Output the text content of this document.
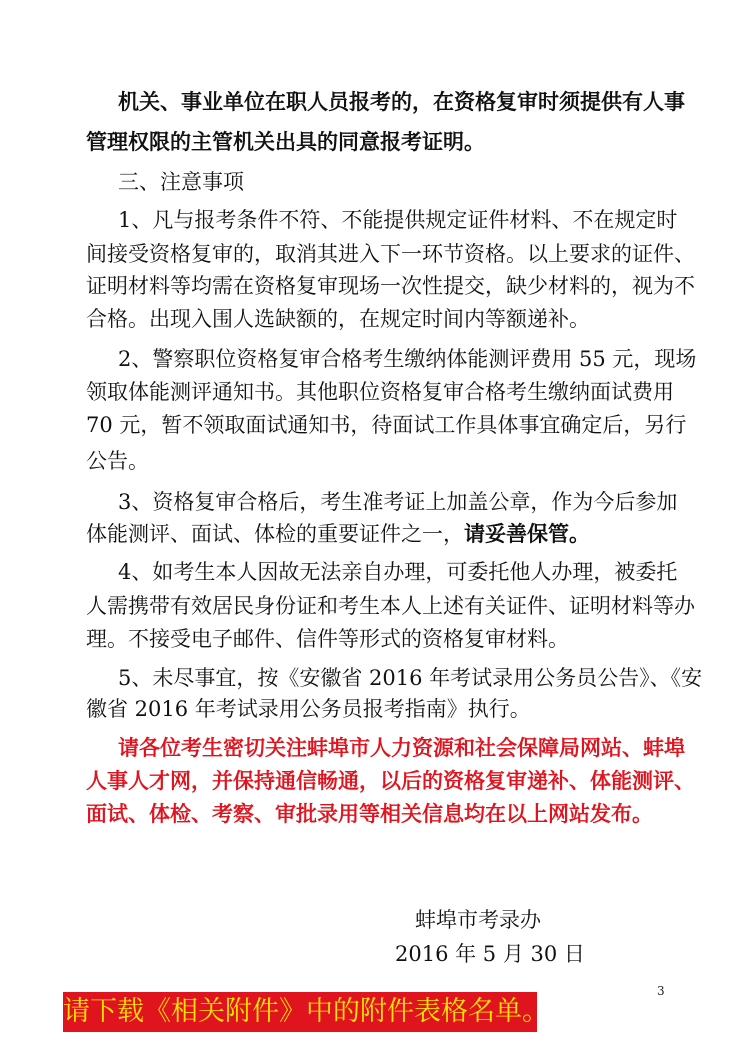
机关、事业单位在职人员报考的，在资格复审时须提供有人事
管理权限的主管机关出具的同意报考证明。
三、注意事项
1、凡与报考条件不符、不能提供规定证件材料、不在规定时
间接受资格复审的，取消其进入下一环节资格。以上要求的证件、
证明材料等均需在资格复审现场一次性提交，缺少材料的，视为不
合格。出现入围人选缺额的，在规定时间内等额递补。
2、警察职位资格复审合格考生缴纳体能测评费用 55 元，现场
领取体能测评通知书。其他职位资格复审合格考生缴纳面试费用
70 元，暂不领取面试通知书，待面试工作具体事宜确定后，另行
公告。
3、资格复审合格后，考生准考证上加盖公章，作为今后参加
体能测评、面试、体检的重要证件之一，请妥善保管。
4、如考生本人因故无法亲自办理，可委托他人办理，被委托
人需携带有效居民身份证和考生本人上述有关证件、证明材料等办
理。不接受电子邮件、信件等形式的资格复审材料。
5、未尽事宜，按《安徽省 2016 年考试录用公务员公告》、《安
徽省 2016 年考试录用公务员报考指南》执行。
请各位考生密切关注蚌埠市人力资源和社会保障局网站、蚌埠
人事人才网，并保持通信畅通，以后的资格复审递补、体能测评、
面试、体检、考察、审批录用等相关信息均在以上网站发布。
蚌埠市考录办
2016 年 5 月 30 日
3
请下载《相关附件》中的附件表格名单。
